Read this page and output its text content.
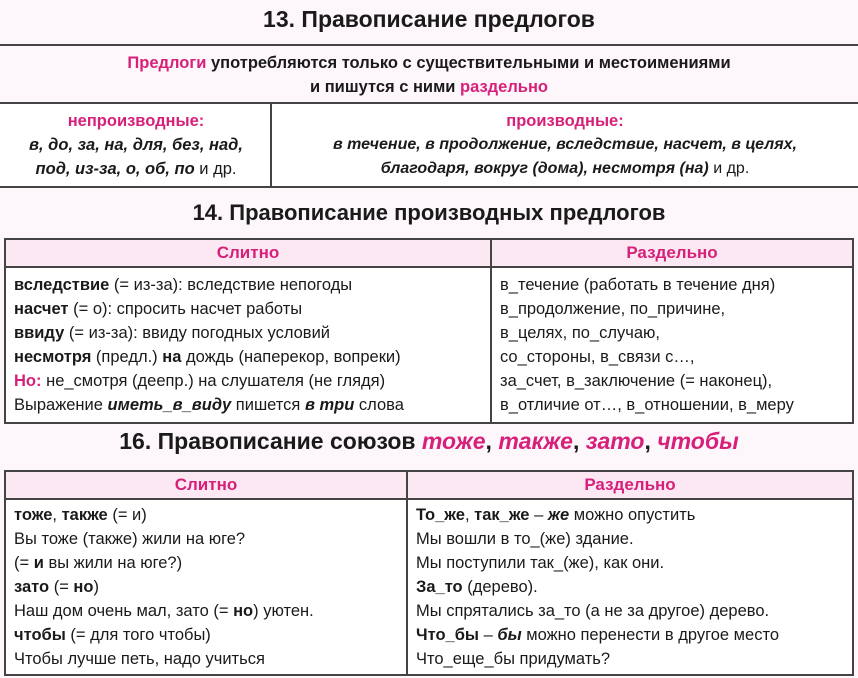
13. Правописание предлогов
Предлоги употребляются только с существительными и местоимениями
и пишутся с ними раздельно
непроизводные:
в, до, за, на, для, без, над,
под, из-за, о, об, по и др.
производные:
в течение, в продолжение, вследствие, насчет, в целях,
благодаря, вокруг (дома), несмотря (на) и др.
14. Правописание производных предлогов
Слитно
вследствие (= из-за): вследствие непогоды
насчет (= о): спросить насчет работы
ввиду (= из-за): ввиду погодных условий
несмотря (предл.) на дождь (наперекор, вопреки)
Но: не_смотря (деепр.) на слушателя (не глядя)
Выражение иметь_в_виду пишется в три слова
Раздельно
в_течение (работать в течение дня)
в_продолжение, по_причине,
в_целях, по_случаю,
со_стороны, в_связи с…,
за_счет, в_заключение (= наконец),
в_отличие от…, в_отношении, в_меру
16. Правописание союзов тоже, также, зато, чтобы
Слитно
тоже, также (= и)
Вы тоже (также) жили на юге?
(= и вы жили на юге?)
зато (= но)
Наш дом очень мал, зато (= но) уютен.
чтобы (= для того чтобы)
Чтобы лучше петь, надо учиться
Раздельно
То_же, так_же – же можно опустить
Мы вошли в то_(же) здание.
Мы поступили так_(же), как они.
За_то (дерево).
Мы спрятались за_то (а не за другое) дерево.
Что_бы – бы можно перенести в другое место
Что_еще_бы придумать?
